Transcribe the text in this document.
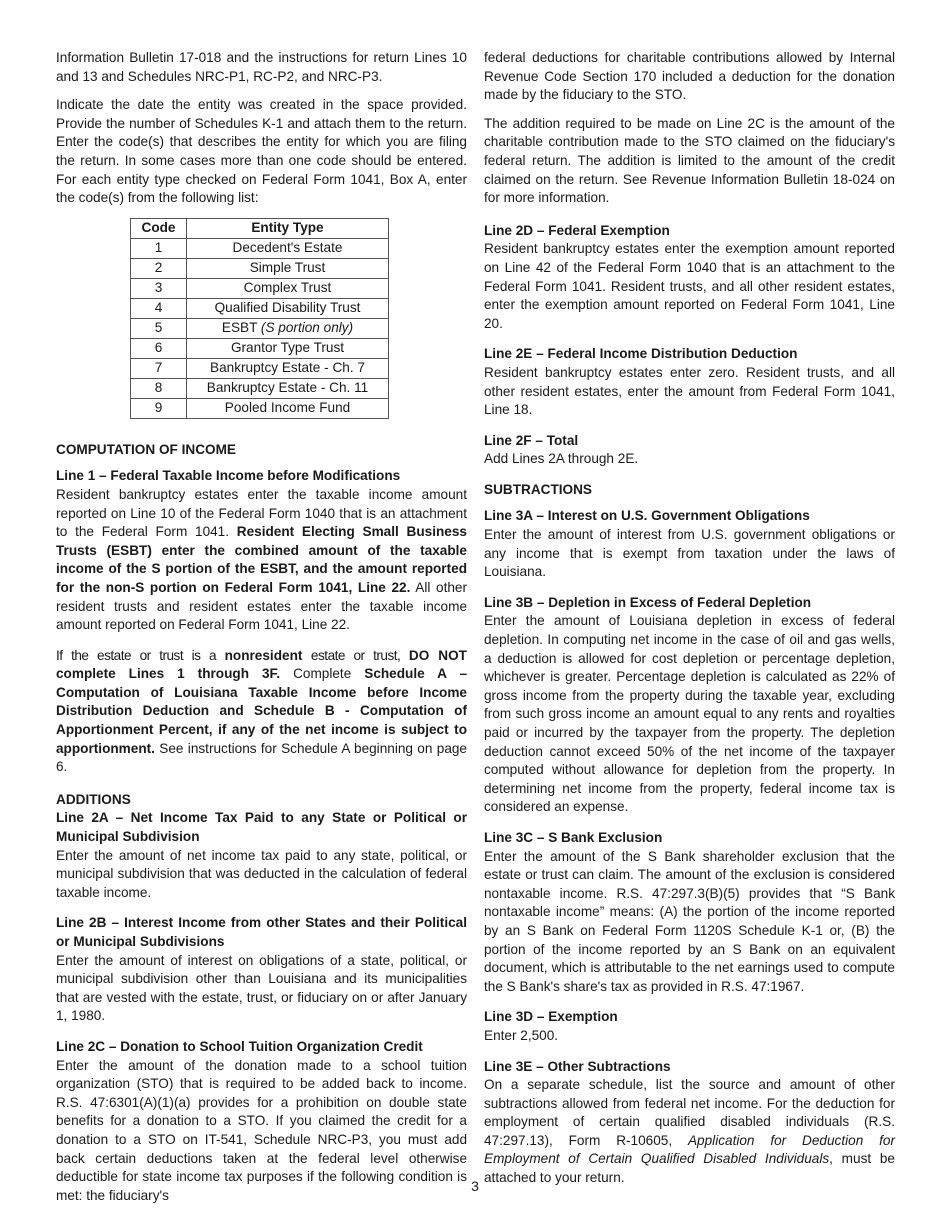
Information Bulletin 17-018 and the instructions for return Lines 10 and 13 and Schedules NRC-P1, RC-P2, and NRC-P3.

Indicate the date the entity was created in the space provided. Provide the number of Schedules K-1 and attach them to the return. Enter the code(s) that describes the entity for which you are filing the return. In some cases more than one code should be entered. For each entity type checked on Federal Form 1041, Box A, enter the code(s) from the following list:

Code	Entity Type
1	Decedent's Estate
2	Simple Trust
3	Complex Trust
4	Qualified Disability Trust
5	ESBT (S portion only)
6	Grantor Type Trust
7	Bankruptcy Estate - Ch. 7
8	Bankruptcy Estate - Ch. 11
9	Pooled Income Fund
COMPUTATION OF INCOME
Line 1 – Federal Taxable Income before Modifications

Resident bankruptcy estates enter the taxable income amount reported on Line 10 of the Federal Form 1040 that is an attachment to the Federal Form 1041. Resident Electing Small Business Trusts (ESBT) enter the combined amount of the taxable income of the S portion of the ESBT, and the amount reported for the non-S portion on Federal Form 1041, Line 22. All other resident trusts and resident estates enter the taxable income amount reported on Federal Form 1041, Line 22.

If the estate or trust is a nonresident estate or trust, DO NOT complete Lines 1 through 3F. Complete Schedule A – Computation of Louisiana Taxable Income before Income Distribution Deduction and Schedule B - Computation of Apportionment Percent, if any of the net income is subject to apportionment. See instructions for Schedule A beginning on page 6.

ADDITIONS
Line 2A – Net Income Tax Paid to any State or Political or Municipal Subdivision

Enter the amount of net income tax paid to any state, political, or municipal subdivision that was deducted in the calculation of federal taxable income.

Line 2B – Interest Income from other States and their Political or Municipal Subdivisions

Enter the amount of interest on obligations of a state, political, or municipal subdivision other than Louisiana and its municipalities that are vested with the estate, trust, or fiduciary on or after January 1, 1980.

Line 2C – Donation to School Tuition Organization Credit

Enter the amount of the donation made to a school tuition organization (STO) that is required to be added back to income. R.S. 47:6301(A)(1)(a) provides for a prohibition on double state benefits for a donation to a STO. If you claimed the credit for a donation to a STO on IT-541, Schedule NRC-P3, you must add back certain deductions taken at the federal level otherwise deductible for state income tax purposes if the following condition is met: the fiduciary's

federal deductions for charitable contributions allowed by Internal Revenue Code Section 170 included a deduction for the donation made by the fiduciary to the STO.

The addition required to be made on Line 2C is the amount of the charitable contribution made to the STO claimed on the fiduciary's federal return. The addition is limited to the amount of the credit claimed on the return. See Revenue Information Bulletin 18-024 on for more information.

Line 2D – Federal Exemption

Resident bankruptcy estates enter the exemption amount reported on Line 42 of the Federal Form 1040 that is an attachment to the Federal Form 1041. Resident trusts, and all other resident estates, enter the exemption amount reported on Federal Form 1041, Line 20.

Line 2E – Federal Income Distribution Deduction

Resident bankruptcy estates enter zero. Resident trusts, and all other resident estates, enter the amount from Federal Form 1041, Line 18.

Line 2F – Total

Add Lines 2A through 2E.

SUBTRACTIONS
Line 3A – Interest on U.S. Government Obligations

Enter the amount of interest from U.S. government obligations or any income that is exempt from taxation under the laws of Louisiana.

Line 3B – Depletion in Excess of Federal Depletion

Enter the amount of Louisiana depletion in excess of federal depletion. In computing net income in the case of oil and gas wells, a deduction is allowed for cost depletion or percentage depletion, whichever is greater. Percentage depletion is calculated as 22% of gross income from the property during the taxable year, excluding from such gross income an amount equal to any rents and royalties paid or incurred by the taxpayer from the property. The depletion deduction cannot exceed 50% of the net income of the taxpayer computed without allowance for depletion from the property. In determining net income from the property, federal income tax is considered an expense.

Line 3C – S Bank Exclusion

Enter the amount of the S Bank shareholder exclusion that the estate or trust can claim. The amount of the exclusion is considered nontaxable income. R.S. 47:297.3(B)(5) provides that “S Bank nontaxable income” means: (A) the portion of the income reported by an S Bank on Federal Form 1120S Schedule K-1 or, (B) the portion of the income reported by an S Bank on an equivalent document, which is attributable to the net earnings used to compute the S Bank's share's tax as provided in R.S. 47:1967.

Line 3D – Exemption

Enter 2,500.

Line 3E – Other Subtractions

On a separate schedule, list the source and amount of other subtractions allowed from federal net income. For the deduction for employment of certain qualified disabled individuals (R.S. 47:297.13), Form R-10605, Application for Deduction for Employment of Certain Qualified Disabled Individuals, must be attached to your return.

3
